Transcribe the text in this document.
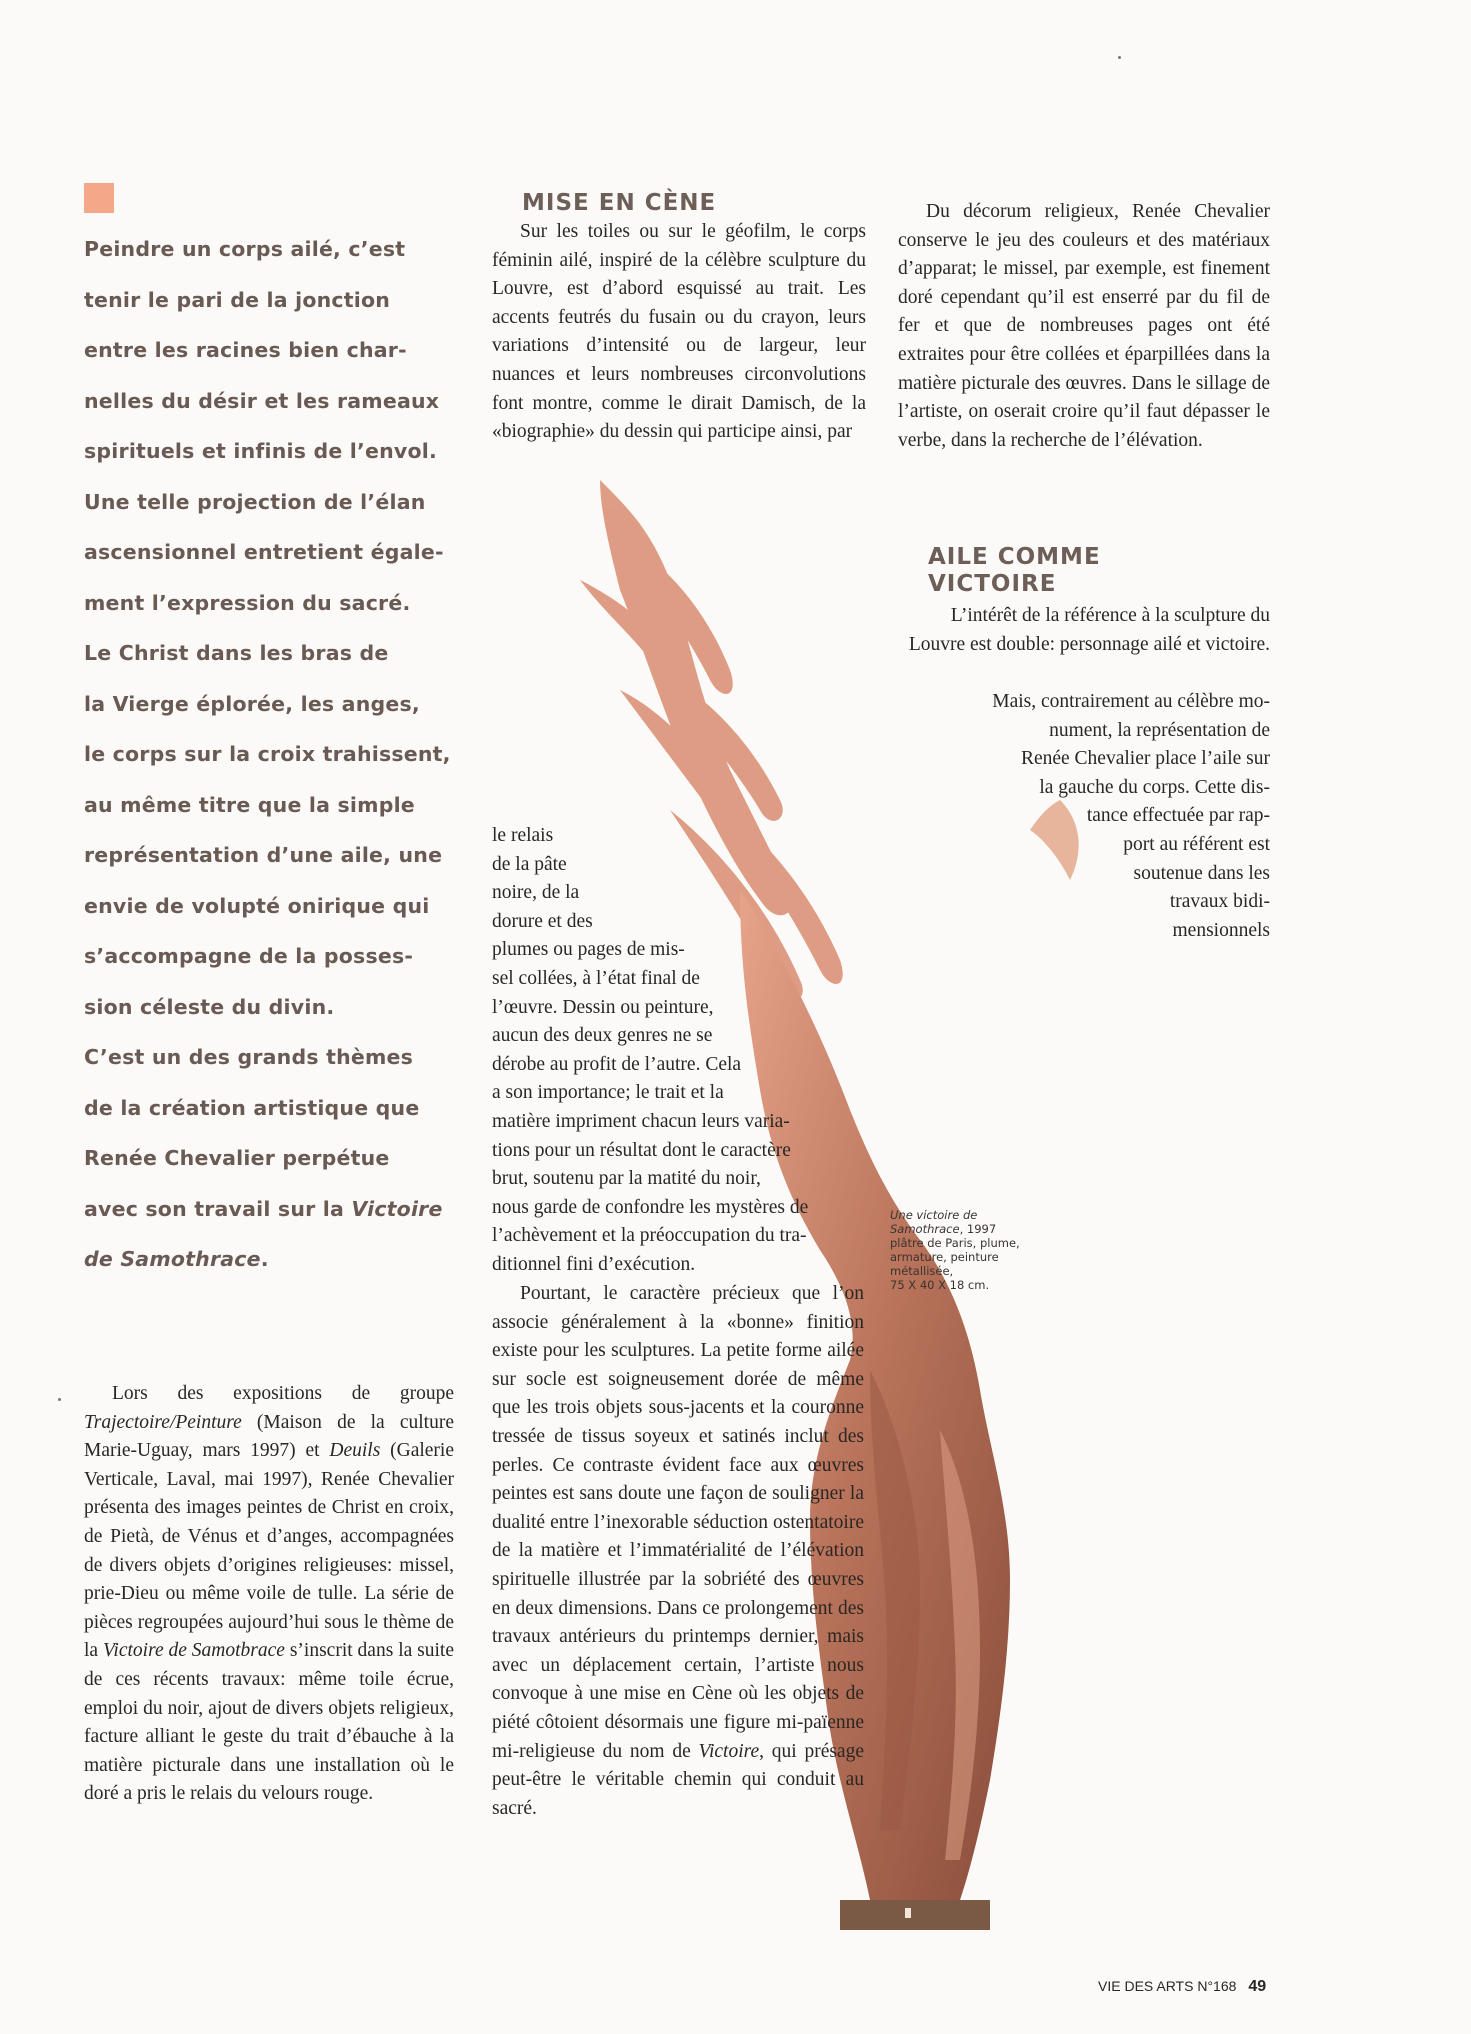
Peindre un corps ailé, c’est
tenir le pari de la jonction
entre les racines bien char-
nelles du désir et les rameaux
spirituels et infinis de l’envol.
Une telle projection de l’élan
ascensionnel entretient égale-
ment l’expression du sacré.
Le Christ dans les bras de
la Vierge éplorée, les anges,
le corps sur la croix trahissent,
au même titre que la simple
représentation d’une aile, une
envie de volupté onirique qui
s’accompagne de la posses-
sion céleste du divin.
C’est un des grands thèmes
de la création artistique que
Renée Chevalier perpétue
avec son travail sur la Victoire
de Samothrace.

Lors des expositions de groupe Trajectoire/Peinture (Maison de la culture Marie-Uguay, mars 1997) et Deuils (Galerie Verticale, Laval, mai 1997), Renée Chevalier présenta des images peintes de Christ en croix, de Pietà, de Vénus et d’anges, accompagnées de divers objets d’origines religieuses: missel, prie-Dieu ou même voile de tulle. La série de pièces regroupées aujourd’hui sous le thème de la Victoire de Samotbrace s’inscrit dans la suite de ces récents travaux: même toile écrue, emploi du noir, ajout de divers objets religieux, facture alliant le geste du trait d’ébauche à la matière picturale dans une installation où le doré a pris le relais du velours rouge.

MISE EN CÈNE

Sur les toiles ou sur le géofilm, le corps féminin ailé, inspiré de la célèbre sculpture du Louvre, est d’abord esquissé au trait. Les accents feutrés du fusain ou du crayon, leurs variations d’intensité ou de largeur, leur nuances et leurs nombreuses circonvolutions font montre, comme le dirait Damisch, de la «biographie» du dessin qui participe ainsi, par

le relais
de la pâte
noire, de la
dorure et des
plumes ou pages de mis-
sel collées, à l’état final de
l’œuvre. Dessin ou peinture,
aucun des deux genres ne se
dérobe au profit de l’autre. Cela
a son importance; le trait et la
matière impriment chacun leurs varia-
tions pour un résultat dont le caractère
brut, soutenu par la matité du noir,
nous garde de confondre les mystères de
l’achèvement et la préoccupation du tra-
ditionnel fini d’exécution.

Pourtant, le caractère précieux que l’on associe généralement à la «bonne» finition existe pour les sculptures. La petite forme ailée sur socle est soigneusement dorée de même que les trois objets sous-jacents et la couronne tressée de tissus soyeux et satinés inclut des perles. Ce contraste évident face aux œuvres peintes est sans doute une façon de souligner la dualité entre l’inexorable séduction ostentatoire de la matière et l’immatérialité de l’élévation spirituelle illustrée par la sobriété des œuvres en deux dimensions. Dans ce prolongement des travaux antérieurs du printemps dernier, mais avec un déplacement certain, l’artiste nous convoque à une mise en Cène où les objets de piété côtoient désormais une figure mi-païenne mi-religieuse du nom de Victoire, qui présage peut-être le véritable chemin qui conduit au sacré.

Du décorum religieux, Renée Chevalier conserve le jeu des couleurs et des matériaux d’apparat; le missel, par exemple, est finement doré cependant qu’il est enserré par du fil de fer et que de nombreuses pages ont été extraites pour être collées et éparpillées dans la matière picturale des œuvres. Dans le sillage de l’artiste, on oserait croire qu’il faut dépasser le verbe, dans la recherche de l’élévation.

AILE COMME
VICTOIRE

L’intérêt de la référence à la sculpture du Louvre est double: personnage ailé et victoire.

Mais, contrairement au célèbre mo-
nument, la représentation de
Renée Chevalier place l’aile sur
la gauche du corps. Cette dis-
tance effectuée par rap-
port au référent est
soutenue dans les
travaux bidi-
mensionnels
Une victoire de Samothrace, 1997
plâtre de Paris, plume,
armature, peinture
métallisée,
75 X 40 X 18 cm.
VIE DES ARTS N°168 49
